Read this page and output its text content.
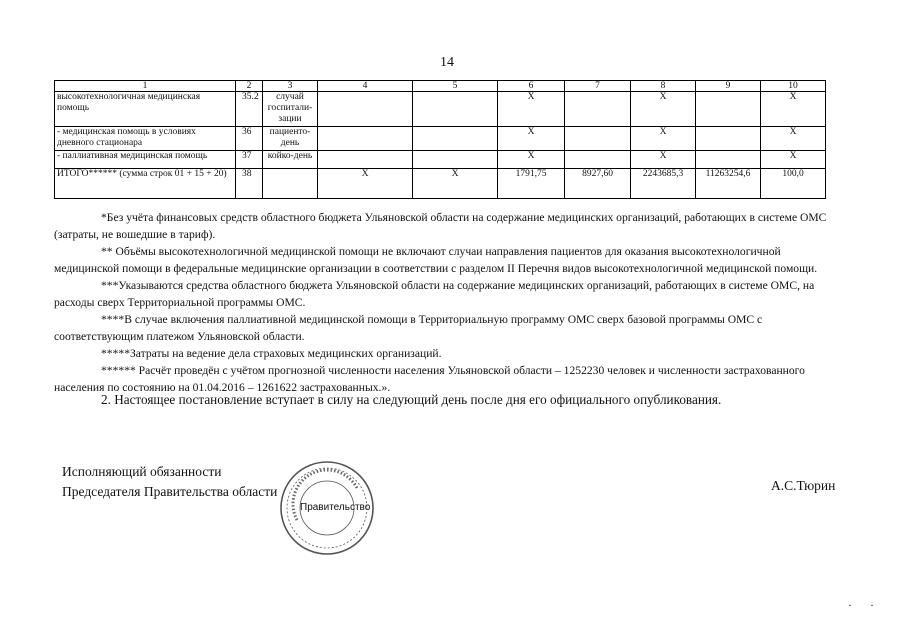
14
1	2	3	4	5	6	7	8	9	10
высокотехнологичная медицинская помощь	35.2	случай госпитали-зации			X		X		X
- медицинская помощь в условиях дневного стационара	36	пациенто-день			X		X		X
- паллиативная медицинская помощь	37	койко-день			X		X		X
ИТОГО****** (сумма строк 01 + 15 + 20)	38		X	X	1791,75	8927,60	2243685,3	11263254,6	100,0

*Без учёта финансовых средств областного бюджета Ульяновской области на содержание медицинских организаций, работающих в системе ОМС (затраты, не вошедшие в тариф).

** Объёмы высокотехнологичной медицинской помощи не включают случаи направления пациентов для оказания высокотехнологичной медицинской помощи в федеральные медицинские организации в соответствии с разделом II Перечня видов высокотехнологичной медицинской помощи.

***Указываются средства областного бюджета Ульяновской области на содержание медицинских организаций, работающих в системе ОМС, на расходы сверх Территориальной программы ОМС.

****В случае включения паллиативной медицинской помощи в Территориальную программу ОМС сверх базовой программы ОМС с соответствующим платежом Ульяновской области.

*****Затраты на ведение дела страховых медицинских организаций.

****** Расчёт проведён с учётом прогнозной численности населения Ульяновской области – 1252230 человек и численности застрахованного населения по состоянию на 01.04.2016 – 1261622 застрахованных.».

2. Настоящее постановление вступает в силу на следующий день после дня его официального опубликования.
Исполняющий обязанности
Председателя Правительства области
Правительство
А.С.Тюрин
··
